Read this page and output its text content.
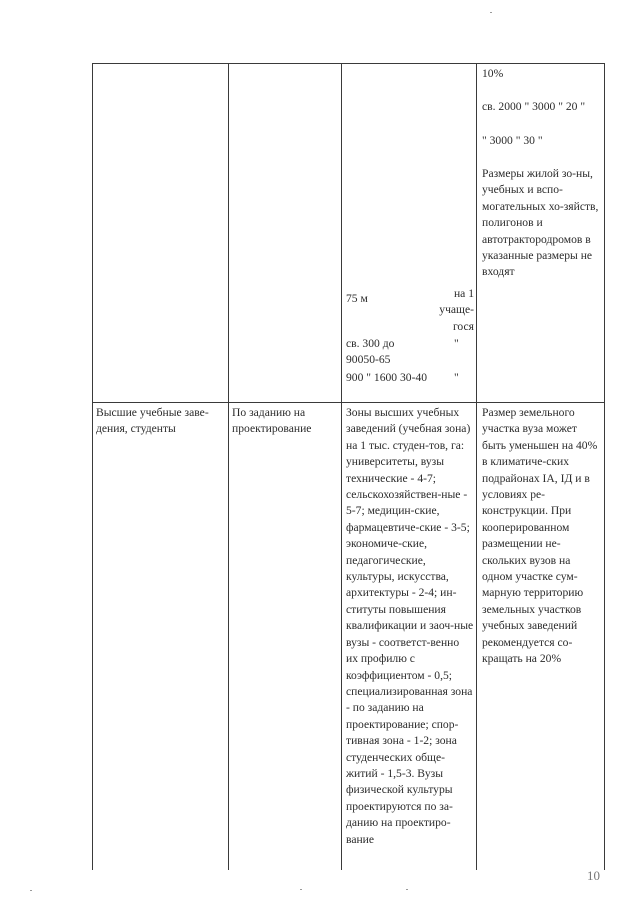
10%
св. 2000 " 3000 " 20 "
" 3000 " 30 "
Размеры жилой зо-ны, учебных и вспо-могательных хо-зяйств, полигонов и автотрактородромов в указанные размеры не входят
75 м	на 1 учаще-гося
св. 300 до 90050-65
900 " 1600 30-40
"
"
Высшие учебные заве-дения, студенты
По заданию на проектирование
Зоны высших учебных заведений (учебная зона) на 1 тыс. студен-тов, га: университеты, вузы технические - 4-7; сельскохозяйствен-ные - 5-7; медицин-ские, фармацевтиче-ские - 3-5; экономиче-ские, педагогические, культуры, искусства, архитектуры - 2-4; ин-ституты повышения квалификации и заоч-ные вузы - соответст-венно их профилю с коэффициентом - 0,5; специализированная зона - по заданию на проектирование; спор-тивная зона - 1-2; зона студенческих обще-житий - 1,5-3. Вузы физической культуры проектируются по за-данию на проектиро-вание
Размер земельного участка вуза может быть уменьшен на 40% в климатиче-ских подрайонах IA, IД и в условиях ре-конструкции. При кооперированном размещении не-скольких вузов на одном участке сум-марную территорию земельных участков учебных заведений рекомендуется со-кращать на 20%
10
